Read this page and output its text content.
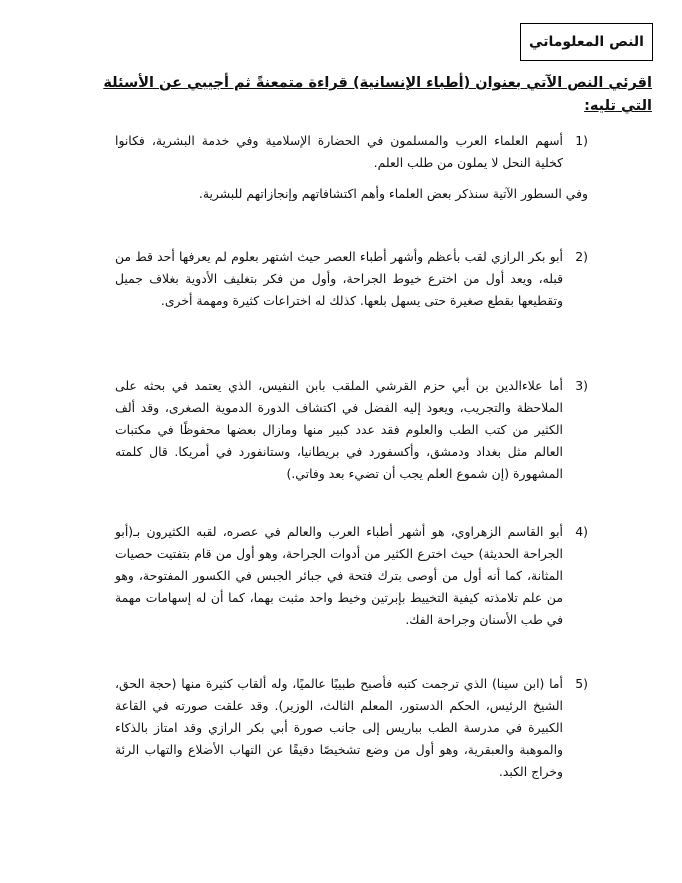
النص المعلوماتي
اقرئي النص الآتي بعنوان (أطباء الإنسانية) قراءة متمعنةً ثم أجيبي عن الأسئلة التي تليه:
1)
أسهم العلماء العرب والمسلمون في الحضارة الإسلامية وفي خدمة البشرية، فكانوا كخلية النحل لا يملون من طلب العلم.
وفي السطور الآتية سنذكر بعض العلماء وأهم اكتشافاتهم وإنجازاتهم للبشرية.
2)
أبو بكر الرازي لقب بأعظم وأشهر أطباء العصر حيث اشتهر بعلوم لم يعرفها أحد قط من قبله، ويعد أول من اخترع خيوط الجراحة، وأول من فكر بتغليف الأدوية بغلاف جميل وتقطيعها بقطع صغيرة حتى يسهل بلعها. كذلك له اختراعات كثيرة ومهمة أخرى.
3)
أما علاءالدين بن أبي حزم القرشي الملقب بابن النفيس، الذي يعتمد في بحثه على الملاحظة والتجريب، ويعود إليه الفضل في اكتشاف الدورة الدموية الصغرى، وقد ألف الكثير من كتب الطب والعلوم فقد عدد كبير منها ومازال بعضها محفوظًا في مكتبات العالم مثل بغداد ودمشق، وأكسفورد في بريطانيا، وستانفورد في أمريكا. قال كلمته المشهورة (إن شموع العلم يجب أن تضيء بعد وفاتي.)
4)
أبو القاسم الزهراوي، هو أشهر أطباء العرب والعالم في عصره، لقبه الكثيرون بـ(أبو الجراحة الحديثة) حيث اخترع الكثير من أدوات الجراحة، وهو أول من قام بتفتيت حصيات المثانة، كما أنه أول من أوصى بترك فتحة في جبائر الجبس في الكسور المفتوحة، وهو من علم تلامذته كيفية التخييط بإبرتين وخيط واحد مثبت بهما، كما أن له إسهامات مهمة في طب الأسنان وجراحة الفك.
5)
أما (ابن سينا) الذي ترجمت كتبه فأصبح طبيبًا عالميًا، وله ألقاب كثيرة منها (حجة الحق، الشيخ الرئيس، الحكم الدستور، المعلم الثالث، الوزير). وقد علقت صورته في القاعة الكبيرة في مدرسة الطب بباريس إلى جانب صورة أبي بكر الرازي وقد امتاز بالذكاء والموهبة والعبقرية، وهو أول من وضع تشخيصًا دقيقًا عن التهاب الأضلاع والتهاب الرئة وخراج الكبد.
